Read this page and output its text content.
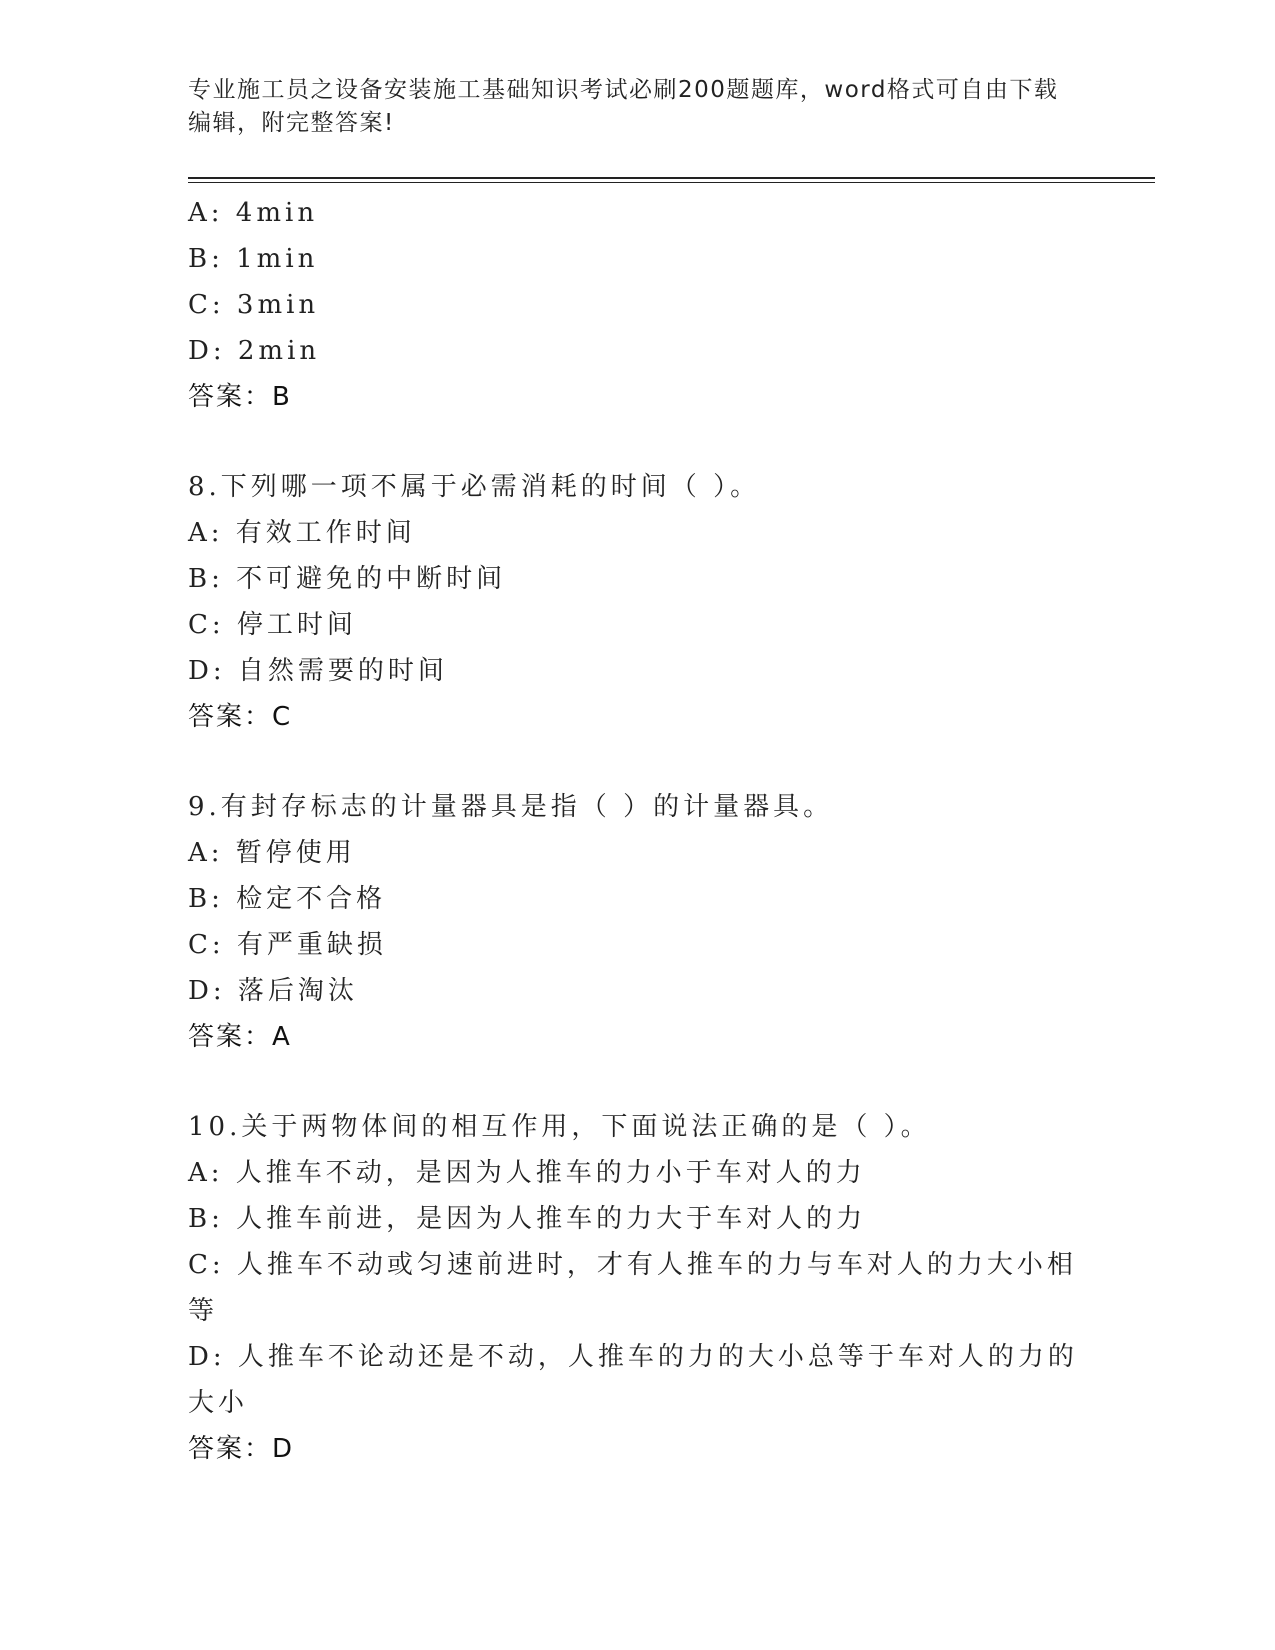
专业施工员之设备安装施工基础知识考试必刷200题题库，word格式可自由下载编辑，附完整答案!
A: 4min
B: 1min
C: 3min
D: 2min
答案：B
8.下列哪一项不属于必需消耗的时间（ ）。
A: 有效工作时间
B: 不可避免的中断时间
C: 停工时间
D: 自然需要的时间
答案：C
9.有封存标志的计量器具是指（ ）的计量器具。
A: 暂停使用
B: 检定不合格
C: 有严重缺损
D: 落后淘汰
答案：A
10.关于两物体间的相互作用，下面说法正确的是（ ）。
A: 人推车不动，是因为人推车的力小于车对人的力
B: 人推车前进，是因为人推车的力大于车对人的力
C: 人推车不动或匀速前进时，才有人推车的力与车对人的力大小相等
D: 人推车不论动还是不动，人推车的力的大小总等于车对人的力的大小
答案：D
